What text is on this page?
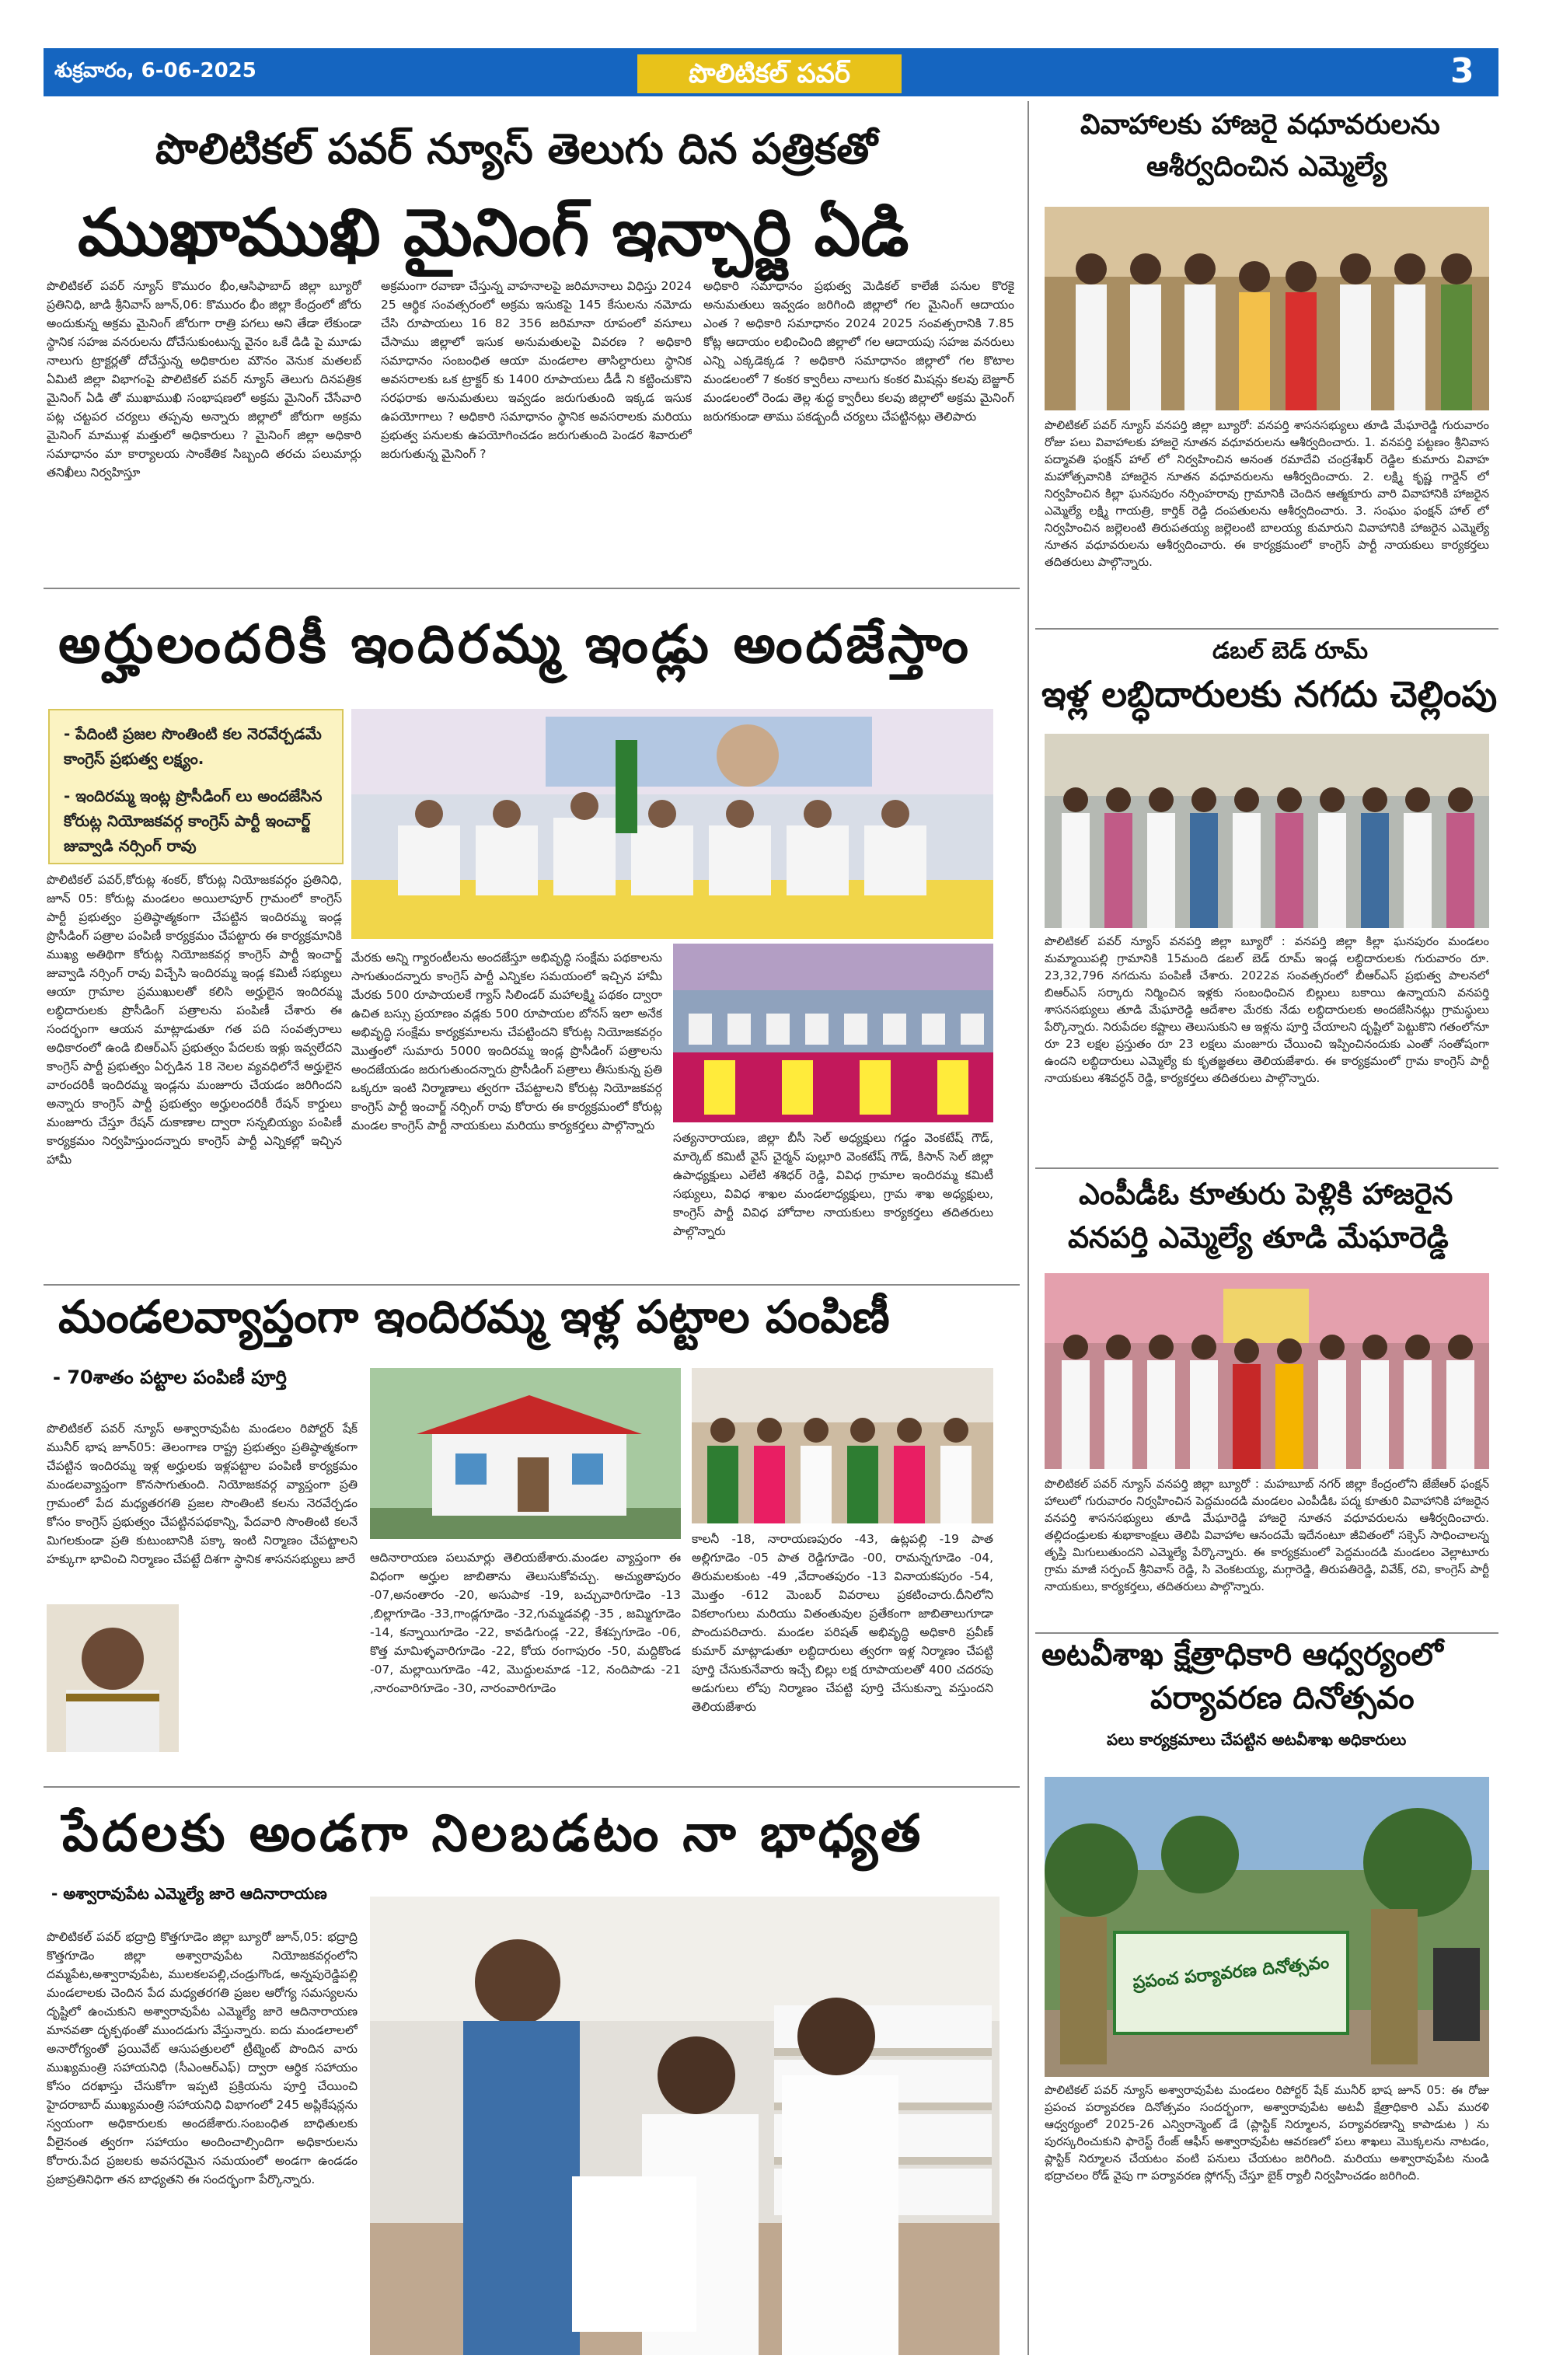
శుక్రవారం, 6-06-2025	పొలిటికల్ పవర్	3
పొలిటికల్ పవర్ న్యూస్ తెలుగు దిన పత్రికతో
ముఖాముఖి మైనింగ్ ఇన్చార్జి ఏడి
పొలిటికల్ పవర్ న్యూస్ కొమురం భీం,ఆసిఫాబాద్ జిల్లా బ్యూరో ప్రతినిధి, జాడి శ్రీనివాస్ జూన్,06: కొమురం భీం జిల్లా కేంద్రంలో జోరు అందుకున్న అక్రమ మైనింగ్ జోరుగా రాత్రి పగలు అని తేడా లేకుండా స్థానిక సహజ వనరులను దోచేసుకుంటున్న వైనం ఒకే డిడి పై మూడు నాలుగు ట్రాక్టర్లతో దోచేస్తున్న అధికారుల మౌనం వెనుక మతలబ్ ఏమిటి జిల్లా విభాగంపై పొలిటికల్ పవర్ న్యూస్ తెలుగు దినపత్రిక మైనింగ్ ఏడి తో ముఖాముఖి సంభాషణలో అక్రమ మైనింగ్ చేసేవారి పట్ల చట్టపర చర్యలు తప్పవు అన్నారు జిల్లాలో జోరుగా అక్రమ మైనింగ్ మాముళ్ల మత్తులో అధికారులు ? మైనింగ్ జిల్లా అధికారి సమాధానం మా కార్యాలయ సాంకేతిక సిబ్బంది తరచు పలుమార్లు తనిఖీలు నిర్వహిస్తూ
అక్రమంగా రవాణా చేస్తున్న వాహనాలపై జరిమానాలు విధిస్తు 2024 25 ఆర్థిక సంవత్సరంలో అక్రమ ఇసుకపై 145 కేసులను నమోదు చేసి రూపాయలు 16 82 356 జరిమానా రూపంలో వసూలు చేసాము జిల్లాలో ఇసుక అనుమతులపై వివరణ ? అధికారి సమాధానం సంబంధిత ఆయా మండలాల తాసిల్దారులు స్థానిక అవసరాలకు ఒక ట్రాక్టర్ కు 1400 రూపాయలు డీడీ ని కట్టించుకొని సరఫరాకు అనుమతులు ఇవ్వడం జరుగుతుంది ఇక్కడ ఇసుక ఉపయోగాలు ? అధికారి సమాధానం స్థానిక అవసరాలకు మరియు ప్రభుత్వ పనులకు ఉపయోగించడం జరుగుతుంది పెండర శివారులో జరుగుతున్న మైనింగ్ ?
అధికారి సమాధానం ప్రభుత్వ మెడికల్ కాలేజీ పనుల కొరకై అనుమతులు ఇవ్వడం జరిగింది జిల్లాలో గల మైనింగ్ ఆదాయం ఎంత ? అధికారి సమాధానం 2024 2025 సంవత్సరానికి 7.85 కోట్ల ఆదాయం లభించింది జిల్లాలో గల ఆదాయపు సహజ వనరులు ఎన్ని ఎక్కడెక్కడ ? అధికారి సమాధానం జిల్లాలో గల కొటాల మండలంలో 7 కంకర క్వారీలు నాలుగు కంకర మిషన్లు కలవు బెజ్జూర్ మండలంలో రెండు తెల్ల శుద్ధ క్వారీలు కలవు జిల్లాలో అక్రమ మైనింగ్ జరుగకుండా తాము పకడ్బందీ చర్యలు చేపట్టినట్లు తెలిపారు
అర్హులందరికీ ఇందిరమ్మ ఇండ్లు అందజేస్తాం

- పేదింటి ప్రజల సొంతింటి కల నెరవేర్చడమే కాంగ్రెస్ ప్రభుత్వ లక్ష్యం.

- ఇందిరమ్మ ఇంట్ల ప్రొసీడింగ్ లు అందజేసిన కోరుట్ల నియోజకవర్గ కాంగ్రెస్ పార్టీ ఇంచార్జ్ జువ్వాడి నర్సింగ్ రావు

పొలిటికల్ పవర్,కోరుట్ల శంకర్, కోరుట్ల నియోజకవర్గం ప్రతినిధి, జూన్ 05: కోరుట్ల మండలం అయిలాపూర్ గ్రామంలో కాంగ్రెస్ పార్టీ ప్రభుత్వం ప్రతిష్ఠాత్మకంగా చేపట్టిన ఇందిరమ్మ ఇండ్ల ప్రొసీడింగ్ పత్రాల పంపిణీ కార్యక్రమం చేపట్టారు ఈ కార్యక్రమానికి ముఖ్య అతిథిగా కోరుట్ల నియోజకవర్గ కాంగ్రెస్ పార్టీ ఇంచార్జ్ జువ్వాడి నర్సింగ్ రావు విచ్చేసి ఇందిరమ్మ ఇండ్ల కమిటీ సభ్యులు ఆయా గ్రామాల ప్రముఖులతో కలిసి అర్హులైన ఇందిరమ్మ లబ్ధిదారులకు ప్రొసీడింగ్ పత్రాలను పంపిణీ చేశారు ఈ సందర్భంగా ఆయన మాట్లాడుతూ గత పది సంవత్సరాలు అధికారంలో ఉండి బిఆర్ఎస్ ప్రభుత్వం పేదలకు ఇళ్లు ఇవ్వలేదని కాంగ్రెస్ పార్టీ ప్రభుత్వం ఏర్పడిన 18 నెలల వ్యవధిలోనే అర్హులైన వారందరికీ ఇందిరమ్మ ఇండ్లను మంజూరు చేయడం జరిగిందని అన్నారు కాంగ్రెస్ పార్టీ ప్రభుత్వం అర్హులందరికీ రేషన్ కార్డులు మంజూరు చేస్తూ రేషన్ దుకాణాల ద్వారా సన్నబియ్యం పంపిణీ కార్యక్రమం నిర్వహిస్తుందన్నారు కాంగ్రెస్ పార్టీ ఎన్నికల్లో ఇచ్చిన హామీ
మేరకు అన్ని గ్యారంటీలను అందజేస్తూ అభివృద్ధి సంక్షేమ పథకాలను సాగుతుందన్నారు కాంగ్రెస్ పార్టీ ఎన్నికల సమయంలో ఇచ్చిన హామీ మేరకు 500 రూపాయలకే గ్యాస్ సిలిండర్ మహాలక్ష్మి పథకం ద్వారా ఉచిత బస్సు ప్రయాణం వడ్లకు 500 రూపాయల బోనస్ ఇలా అనేక అభివృద్ధి సంక్షేమ కార్యక్రమాలను చేపట్టిందని కోరుట్ల నియోజకవర్గం మొత్తంలో సుమారు 5000 ఇందిరమ్మ ఇండ్ల ప్రొసీడింగ్ పత్రాలను అందజేయడం జరుగుతుందన్నారు ప్రొసీడింగ్ పత్రాలు తీసుకున్న ప్రతి ఒక్కరూ ఇంటి నిర్మాణాలు త్వరగా చేపట్టాలని కోరుట్ల నియోజకవర్గ కాంగ్రెస్ పార్టీ ఇంచార్జ్ నర్సింగ్ రావు కోరారు ఈ కార్యక్రమంలో కోరుట్ల మండల కాంగ్రెస్ పార్టీ నాయకులు మరియు కార్యకర్తలు పాల్గొన్నారు
సత్యనారాయణ, జిల్లా బీసీ సెల్ అధ్యక్షులు గడ్డం వెంకటేష్ గౌడ్, మార్కెట్ కమిటీ వైస్ చైర్మన్ పుల్లూరి వెంకటేష్ గౌడ్, కిసాన్ సెల్ జిల్లా ఉపాధ్యక్షులు ఎలేటి శశిధర్ రెడ్డి, వివిధ గ్రామాల ఇందిరమ్మ కమిటీ సభ్యులు, వివిధ శాఖల మండలాధ్యక్షులు, గ్రామ శాఖ అధ్యక్షులు, కాంగ్రెస్ పార్టీ వివిధ హోదాల నాయకులు కార్యకర్తలు తదితరులు పాల్గొన్నారు
మండలవ్యాప్తంగా ఇందిరమ్మ ఇళ్ల పట్టాల పంపిణీ
- 70శాతం పట్టాల పంపిణీ పూర్తి
పొలిటికల్ పవర్ న్యూస్ అశ్వారావుపేట మండలం రిపోర్టర్ షేక్ మునీర్ భాష జూన్05: తెలంగాణ రాష్ట్ర ప్రభుత్వం ప్రతిష్ఠాత్మకంగా చేపట్టిన ఇందిరమ్మ ఇళ్ల అర్హులకు ఇళ్లపట్టాల పంపిణీ కార్యక్రమం మండలవ్యాప్తంగా కొనసాగుతుంది. నియోజకవర్గ వ్యాప్తంగా ప్రతి గ్రామంలో పేద మధ్యతరగతి ప్రజల సొంతింటి కలను నెరవేర్చడం కోసం కాంగ్రెస్ ప్రభుత్వం చేపట్టినపథకాన్ని, పేదవారి సొంతింటి కలనే మిగలకుండా ప్రతి కుటుంబానికి పక్కా ఇంటి నిర్మాణం చేపట్టాలని హక్కుగా భావించి నిర్మాణం చేపట్టే దిశగా స్థానిక శాసనసభ్యులు జారే ఆదినారాయణ పలుమార్లు తెలియజేశారు.మండల వ్యాప్తంగా ఈ విధంగా అర్హుల జాబితాను తెలుసుకోవచ్చు. అచ్యుతాపురం -07,అనంతారం -20, అసుపాక -19, బచ్చువారిగూడెం -13 ,బిల్లాగూడెం -33,గాండ్లగూడెం -32,గుమ్మడవల్లి -35 , జమ్మిగూడెం -14, కన్నాయిగూడెం -22, కావడిగుండ్ల -22, కేశప్పగూడెం -06, కొత్త మామిళ్ళవారిగూడెం -22, కోయ రంగాపురం -50, మద్దికొండ -07, మల్లాయిగూడెం -42, మొద్దులమాడ -12, నందిపాడు -21 ,నారంవారిగూడెం -30, నారంవారిగూడెం
కాలనీ -18, నారాయణపురం -43, ఉట్లపల్లి -19 పాత అల్లిగూడెం -05 పాత రెడ్డిగూడెం -00, రామన్నగూడెం -04, తిరుమలకుంట -49 ,వేదాంతపురం -13 వినాయకపురం -54, మొత్తం -612 మెంబర్ వివరాలు ప్రకటించారు.దీనిలోని వికలాంగులు మరియు వితంతువుల ప్రతేకంగా జాబితాలుగూడా పొందుపరిచారు. మండల పరిషత్ అభివృద్ధి అధికారి ప్రవీణ్ కుమార్ మాట్లాడుతూ లబ్ధిదారులు త్వరగా ఇళ్ల నిర్మాణం చేపట్టి పూర్తి చేసుకునేవారు ఇచ్చే బిల్లు లక్ష రూపాయలతో 400 చదరపు అడుగులు లోపు నిర్మాణం చేపట్టి పూర్తి చేసుకున్నా వస్తుందని తెలియజేశారు
పేదలకు అండగా నిలబడటం నా భాధ్యత
- అశ్వారావుపేట ఎమ్మెల్యే జారె ఆదినారాయణ
పొలిటికల్ పవర్ భద్రాద్రి కొత్తగూడెం జిల్లా బ్యూరో జూన్,05: భద్రాద్రి కొత్తగూడెం జిల్లా అశ్వారావుపేట నియోజకవర్గంలోని దమ్మపేట,అశ్వారావుపేట, ములకలపల్లి,చండ్రుగొండ, అన్నపురెడ్డిపల్లి మండలాలకు చెందిన పేద మధ్యతరగతి ప్రజల ఆరోగ్య సమస్యలను దృష్టిలో ఉంచుకుని అశ్వారావుపేట ఎమ్మెల్యే జారె ఆదినారాయణ మానవతా దృక్పథంతో ముందడుగు వేస్తున్నారు. ఐదు మండలాలలో అనారోగ్యంతో ప్రయివేట్ ఆసుపత్రులలో ట్రీట్మెంట్ పొందిన వారు ముఖ్యమంత్రి సహాయనిధి (సీఎంఆర్ఎఫ్) ద్వారా ఆర్థిక సహాయం కోసం దరఖాస్తు చేసుకోగా ఇప్పటి ప్రక్రియను పూర్తి చేయించి హైదరాబాద్ ముఖ్యమంత్రి సహాయనిధి విభాగంలో 245 అప్లికేషన్లను స్వయంగా అధికారులకు అందజేశారు.సంబంధిత బాధితులకు వీలైనంత త్వరగా సహాయం అందించాల్సిందిగా అధికారులను కోరారు.పేద ప్రజలకు అవసరమైన సమయంలో అండగా ఉండడం ప్రజాప్రతినిధిగా తన బాధ్యతని ఈ సందర్భంగా పేర్కొన్నారు.
వివాహాలకు హాజరై వధూవరులను
ఆశీర్వదించిన ఎమ్మెల్యే
పొలిటికల్ పవర్ న్యూస్ వనపర్తి జిల్లా బ్యూరో: వనపర్తి శాసనసభ్యులు తూడి మేఘారెడ్డి గురువారం రోజు పలు వివాహాలకు హాజరై నూతన వధూవరులను ఆశీర్వదించారు. 1. వనపర్తి పట్టణం శ్రీనివాస పద్మావతి ఫంక్షన్ హాల్ లో నిర్వహించిన అనంత రమాదేవి చంద్రశేఖర్ రెడ్డిల కుమారు వివాహ మహోత్సవానికి హాజరైన నూతన వధూవరులను ఆశీర్వదించారు. 2. లక్ష్మి కృష్ణ గార్డెన్ లో నిర్వహించిన కిల్లా ఘనపురం నర్సింహరావు గ్రామానికి చెందిన ఆత్మకూరు వారి వివాహానికి హాజరైన ఎమ్మెల్యే లక్ష్మి గాయత్రి, కార్తిక్ రెడ్డి దంపతులను ఆశీర్వదించారు. 3. సంఘం ఫంక్షన్ హాల్ లో నిర్వహించిన జల్లెలంటి తిరుపతయ్య జల్లెలంటి బాలయ్య కుమారుని వివాహానికి హాజరైన ఎమ్మెల్యే నూతన వధూవరులను ఆశీర్వదించారు. ఈ కార్యక్రమంలో కాంగ్రెస్ పార్టీ నాయకులు కార్యకర్తలు తదితరులు పాల్గొన్నారు.
డబల్ బెడ్ రూమ్
ఇళ్ల లబ్ధిదారులకు నగదు చెల్లింపు
పొలిటికల్ పవర్ న్యూస్ వనపర్తి జిల్లా బ్యూరో : వనపర్తి జిల్లా కిల్లా ఘనపురం మండలం మమ్మాయిపల్లి గ్రామానికి 15మంది డబల్ బెడ్ రూమ్ ఇండ్ల లబ్ధిదారులకు గురువారం రూ. 23,32,796 నగదును పంపిణీ చేశారు. 2022వ సంవత్సరంలో బీఆర్ఎస్ ప్రభుత్వ పాలనలో బిఆర్ఎస్ సర్కారు నిర్మించిన ఇళ్లకు సంబంధించిన బిల్లులు బకాయి ఉన్నాయని వనపర్తి శాసనసభ్యులు తూడి మేఘారెడ్డి ఆదేశాల మేరకు నేడు లబ్ధిదారులకు అందజేసినట్లు గ్రామస్థులు పేర్కొన్నారు. నిరుపేదల కష్టాలు తెలుసుకుని ఆ ఇళ్లను పూర్తి చేయాలని దృష్టిలో పెట్టుకొని గతంలోనూ రూ 23 లక్షల ప్రస్తుతం రూ 23 లక్షలు మంజూరు చేయించి ఇప్పించినందుకు ఎంతో సంతోషంగా ఉందని లబ్ధిదారులు ఎమ్మెల్యే కు కృతజ్ఞతలు తెలియజేశారు. ఈ కార్యక్రమంలో గ్రామ కాంగ్రెస్ పార్టీ నాయకులు శశివర్ధన్ రెడ్డి, కార్యకర్తలు తదితరులు పాల్గొన్నారు.
ఎంపీడీఓ కూతురు పెళ్లికి హాజరైన
వనపర్తి ఎమ్మెల్యే తూడి మేఘారెడ్డి
పొలిటికల్ పవర్ న్యూస్ వనపర్తి జిల్లా బ్యూరో : మహబూబ్ నగర్ జిల్లా కేంద్రంలోని జేజేఆర్ ఫంక్షన్ హాలులో గురువారం నిర్వహించిన పెద్దమందడి మండలం ఎంపీడీఓ పద్మ కూతురి వివాహానికి హాజరైన వనపర్తి శాసనసభ్యులు తూడి మేఘారెడ్డి హాజరై నూతన వధూవరులను ఆశీర్వదించారు. తల్లిదండ్రులకు శుభాకాంక్షలు తెలిపి వివాహాల ఆనందమే ఇదేనంటూ జీవితంలో సక్సెస్ సాధించాలన్న తృప్తి మిగులుతుందని ఎమ్మెల్యే పేర్కొన్నారు. ఈ కార్యక్రమంలో పెద్దమందడి మండలం వెల్లాటూరు గ్రామ మాజీ సర్పంచ్ శ్రీనివాస్ రెడ్డి, సి వెంకటయ్య, మగ్గారెడ్డి, తిరుపతిరెడ్డి, వివేక్, రవి, కాంగ్రెస్ పార్టీ నాయకులు, కార్యకర్తలు, తదితరులు పాల్గొన్నారు.
అటవీశాఖ క్షేత్రాధికారి ఆధ్వర్యంలో
పర్యావరణ దినోత్సవం
పలు కార్యక్రమాలు చేపట్టిన అటవీశాఖ అధికారులు
ప్రపంచ పర్యావరణ దినోత్సవం
పొలిటికల్ పవర్ న్యూస్ అశ్వారావుపేట మండలం రిపోర్టర్ షేక్ మునీర్ భాష జూన్ 05: ఈ రోజు ప్రపంచ పర్యావరణ దినోత్సవం సందర్భంగా, అశ్వారావుపేట అటవీ క్షేత్రాధికారి ఎమ్ మురళి ఆధ్వర్యంలో 2025-26 ఎన్విరాన్మెంట్ డే (ప్లాస్టిక్ నిర్మూలన, పర్యావరణాన్ని కాపాడుట ) ను పురస్కరించుకుని ఫారెస్ట్ రేంజ్ ఆఫీస్ అశ్వారావుపేట ఆవరణలో పలు శాఖలు మొక్కలను నాటడం, ప్లాస్టిక్ నిర్మూలన చేయటం వంటి పనులు చేయటం జరిగింది. మరియు అశ్వారావుపేట నుండి భద్రాచలం రోడ్ వైపు గా పర్యావరణ స్లోగన్స్ చేస్తూ బైక్ ర్యాలీ నిర్వహించడం జరిగింది.
